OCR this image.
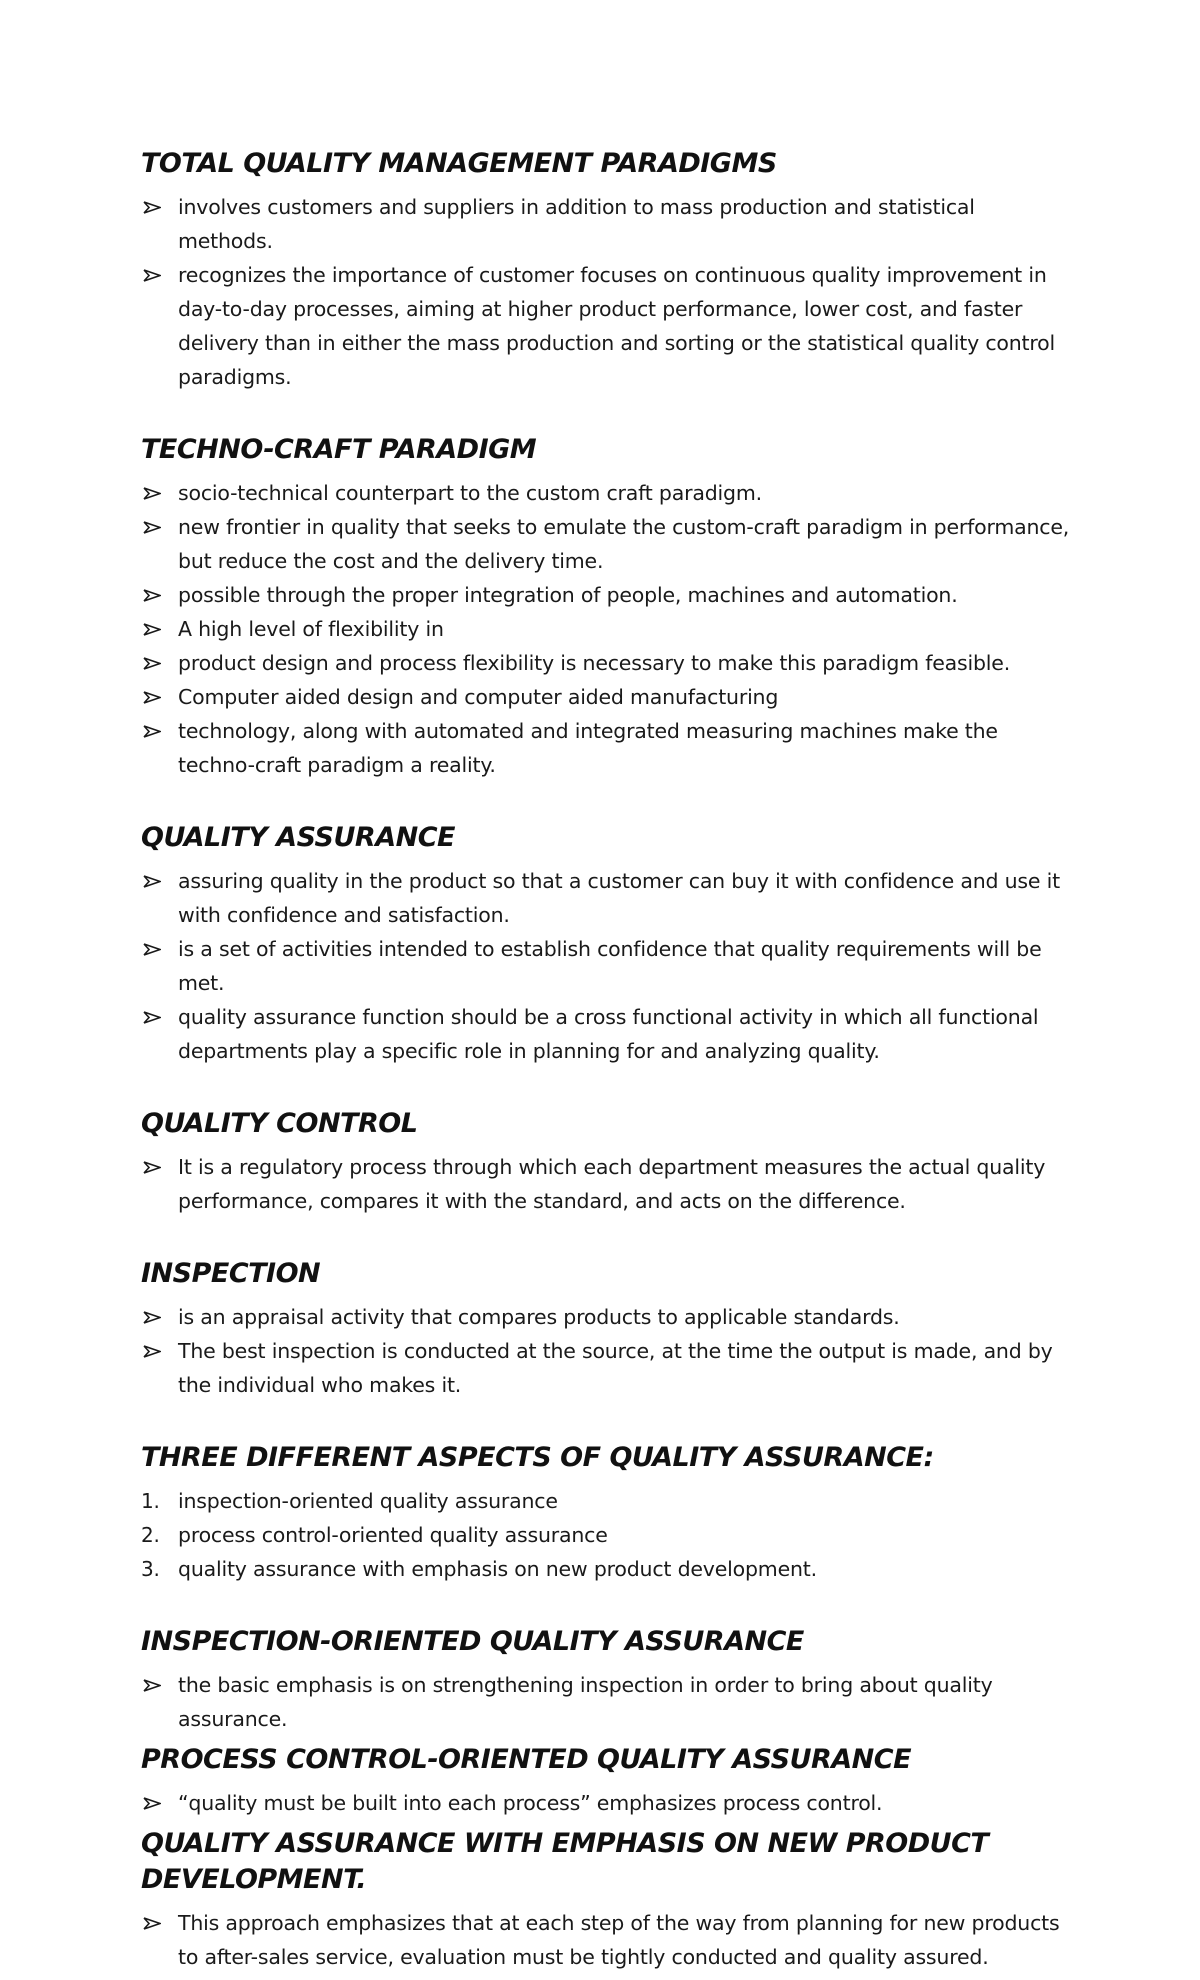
TOTAL QUALITY MANAGEMENT PARADIGMS
involves customers and suppliers in addition to mass production and statistical methods.
recognizes the importance of customer focuses on continuous quality improvement in day-to-day processes, aiming at higher product performance, lower cost, and faster delivery than in either the mass production and sorting or the statistical quality control paradigms.
TECHNO-CRAFT PARADIGM
socio-technical counterpart to the custom craft paradigm.
new frontier in quality that seeks to emulate the custom-craft paradigm in performance, but reduce the cost and the delivery time.
possible through the proper integration of people, machines and automation.
A high level of flexibility in
product design and process flexibility is necessary to make this paradigm feasible.
Computer aided design and computer aided manufacturing
technology, along with automated and integrated measuring machines make the techno-craft paradigm a reality.
QUALITY ASSURANCE
assuring quality in the product so that a customer can buy it with confidence and use it with confidence and satisfaction.
is a set of activities intended to establish confidence that quality requirements will be met.
quality assurance function should be a cross functional activity in which all functional departments play a specific role in planning for and analyzing quality.
QUALITY CONTROL
It is a regulatory process through which each department measures the actual quality performance, compares it with the standard, and acts on the difference.
INSPECTION
is an appraisal activity that compares products to applicable standards.
The best inspection is conducted at the source, at the time the output is made, and by the individual who makes it.
THREE DIFFERENT ASPECTS OF QUALITY ASSURANCE:
1. inspection-oriented quality assurance
2. process control-oriented quality assurance
3. quality assurance with emphasis on new product development.
INSPECTION-ORIENTED QUALITY ASSURANCE
the basic emphasis is on strengthening inspection in order to bring about quality assurance.
PROCESS CONTROL-ORIENTED QUALITY ASSURANCE
“quality must be built into each process” emphasizes process control.
QUALITY ASSURANCE WITH EMPHASIS ON NEW PRODUCT DEVELOPMENT.
This approach emphasizes that at each step of the way from planning for new products to after-sales service, evaluation must be tightly conducted and quality assured.
